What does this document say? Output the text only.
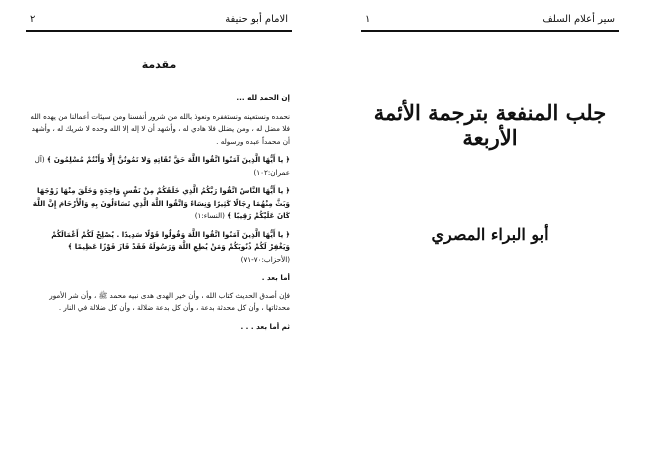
٢	الامام أبو حنيفة
مقدمة

إن الحمد لله ...

نحمده ونستعينه ونستغفره ونعوذ بالله من شرور أنفسنا ومن سيئات أعمالنا من يهده الله فلا مضل له ، ومن يضلل فلا هادي له ، وأشهد أن لا إله إلا الله وحده لا شريك له ، وأشهد أن محمداً عبده ورسوله .

﴿ يا أَيُّهَا الَّذِينَ آمَنُوا اتَّقُوا اللَّهَ حَقَّ تُقَاتِهِ وَلا تَمُوتُنَّ إِلَّا وَأَنْتُمْ مُسْلِمُونَ ﴾ (آل عمران:١٠٢)

﴿ يا أَيُّهَا النَّاسُ اتَّقُوا رَبَّكُمُ الَّذِي خَلَقَكُمْ مِنْ نَفْسٍ وَاحِدَةٍ وَخَلَقَ مِنْهَا زَوْجَهَا وَبَثَّ مِنْهُمَا رِجَالًا كَثِيرًا وَنِسَاءً وَاتَّقُوا اللَّهَ الَّذِي تَسَاءَلُونَ بِهِ وَالْأَرْحَامَ إِنَّ اللَّهَ كَانَ عَلَيْكُمْ رَقِيبًا ﴾ (النساء:١)

﴿ يا أَيُّهَا الَّذِينَ آمَنُوا اتَّقُوا اللَّهَ وَقُولُوا قَوْلًا سَدِيدًا . يُصْلِحْ لَكُمْ أَعْمَالَكُمْ وَيَغْفِرْ لَكُمْ ذُنُوبَكُمْ وَمَنْ يُطِعِ اللَّهَ وَرَسُولَهُ فَقَدْ فَازَ فَوْزًا عَظِيمًا ﴾ (الأحزاب:٧٠-٧١)

أما بعد .

فإن أصدق الحديث كتاب الله ، وأن خير الهدى هدى نبيه محمد ﷺ ، وأن شر الأمور محدثاتها ، وأن كل محدثة بدعة ، وأن كل بدعة ضلالة ، وأن كل ضلالة في النار .

ثم أما بعد . . .

١	سير أعلام السلف
جلب المنفعة بترجمة الأئمة الأربعة
أبو البراء المصري
